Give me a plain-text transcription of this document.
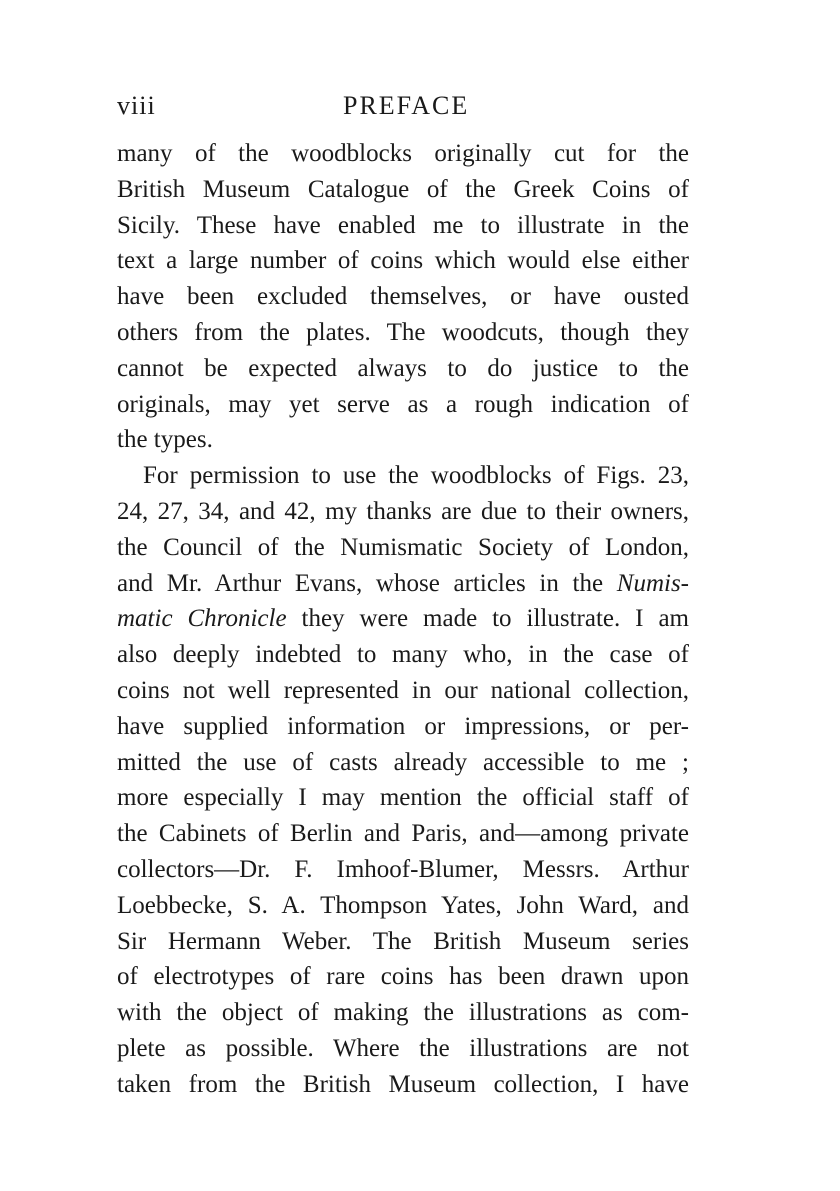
viii	PREFACE
many of the woodblocks originally cut for the
British Museum Catalogue of the Greek Coins of
Sicily. These have enabled me to illustrate in the
text a large number of coins which would else either
have been excluded themselves, or have ousted
others from the plates. The woodcuts, though they
cannot be expected always to do justice to the
originals, may yet serve as a rough indication of
the types.
For permission to use the woodblocks of Figs. 23,
24, 27, 34, and 42, my thanks are due to their owners,
the Council of the Numismatic Society of London,
and Mr. Arthur Evans, whose articles in the Numis-
matic Chronicle they were made to illustrate. I am
also deeply indebted to many who, in the case of
coins not well represented in our national collection,
have supplied information or impressions, or per-
mitted the use of casts already accessible to me ;
more especially I may mention the official staff of
the Cabinets of Berlin and Paris, and—among private
collectors—Dr. F. Imhoof-Blumer, Messrs. Arthur
Loebbecke, S. A. Thompson Yates, John Ward, and
Sir Hermann Weber. The British Museum series
of electrotypes of rare coins has been drawn upon
with the object of making the illustrations as com-
plete as possible. Where the illustrations are not
taken from the British Museum collection, I have
